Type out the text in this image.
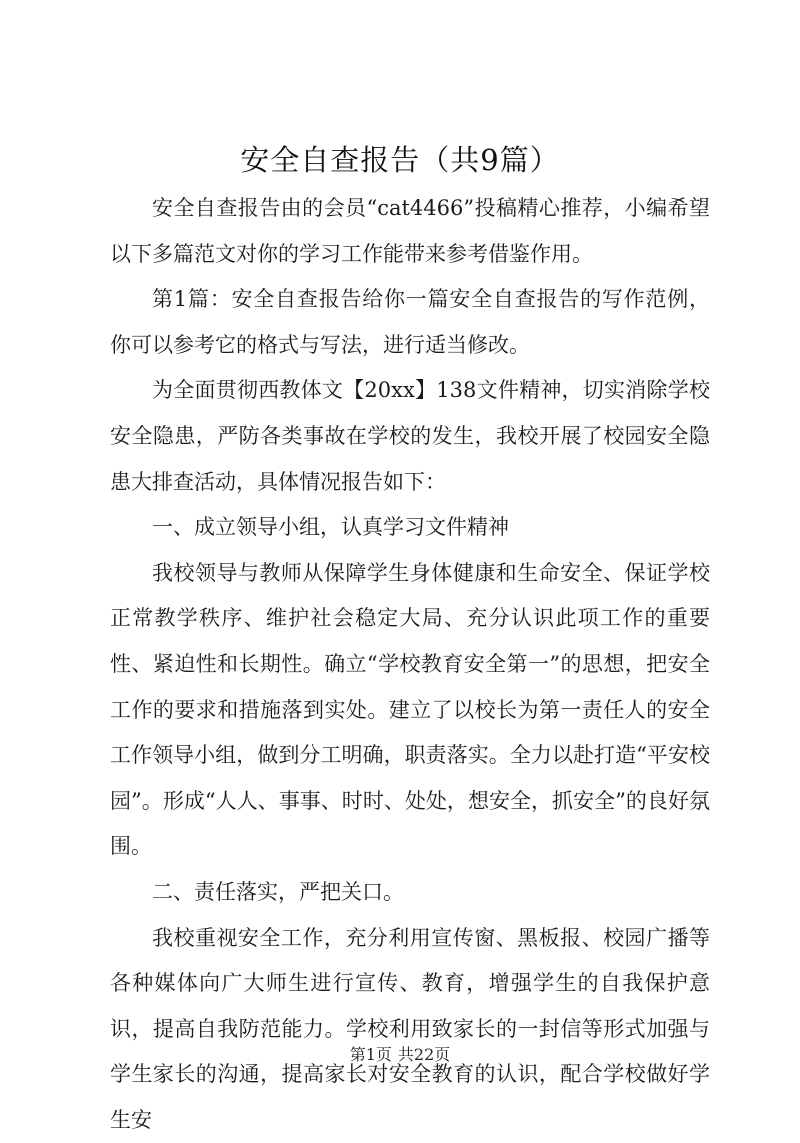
安全自查报告（共9篇）

安全自查报告由的会员“cat4466”投稿精心推荐，小编希望以下多篇范文对你的学习工作能带来参考借鉴作用。

第1篇：安全自查报告给你一篇安全自查报告的写作范例，你可以参考它的格式与写法，进行适当修改。

为全面贯彻西教体文【20xx】138文件精神，切实消除学校安全隐患，严防各类事故在学校的发生，我校开展了校园安全隐患大排查活动，具体情况报告如下：

一、成立领导小组，认真学习文件精神

我校领导与教师从保障学生身体健康和生命安全、保证学校正常教学秩序、维护社会稳定大局、充分认识此项工作的重要性、紧迫性和长期性。确立“学校教育安全第一”的思想，把安全工作的要求和措施落到实处。建立了以校长为第一责任人的安全工作领导小组，做到分工明确，职责落实。全力以赴打造“平安校园”。形成“人人、事事、时时、处处，想安全，抓安全”的良好氛围。

二、责任落实，严把关口。

我校重视安全工作，充分利用宣传窗、黑板报、校园广播等各种媒体向广大师生进行宣传、教育，增强学生的自我保护意识，提高自我防范能力。学校利用致家长的一封信等形式加强与学生家长的沟通，提高家长对安全教育的认识，配合学校做好学生安

第1页 共22页
